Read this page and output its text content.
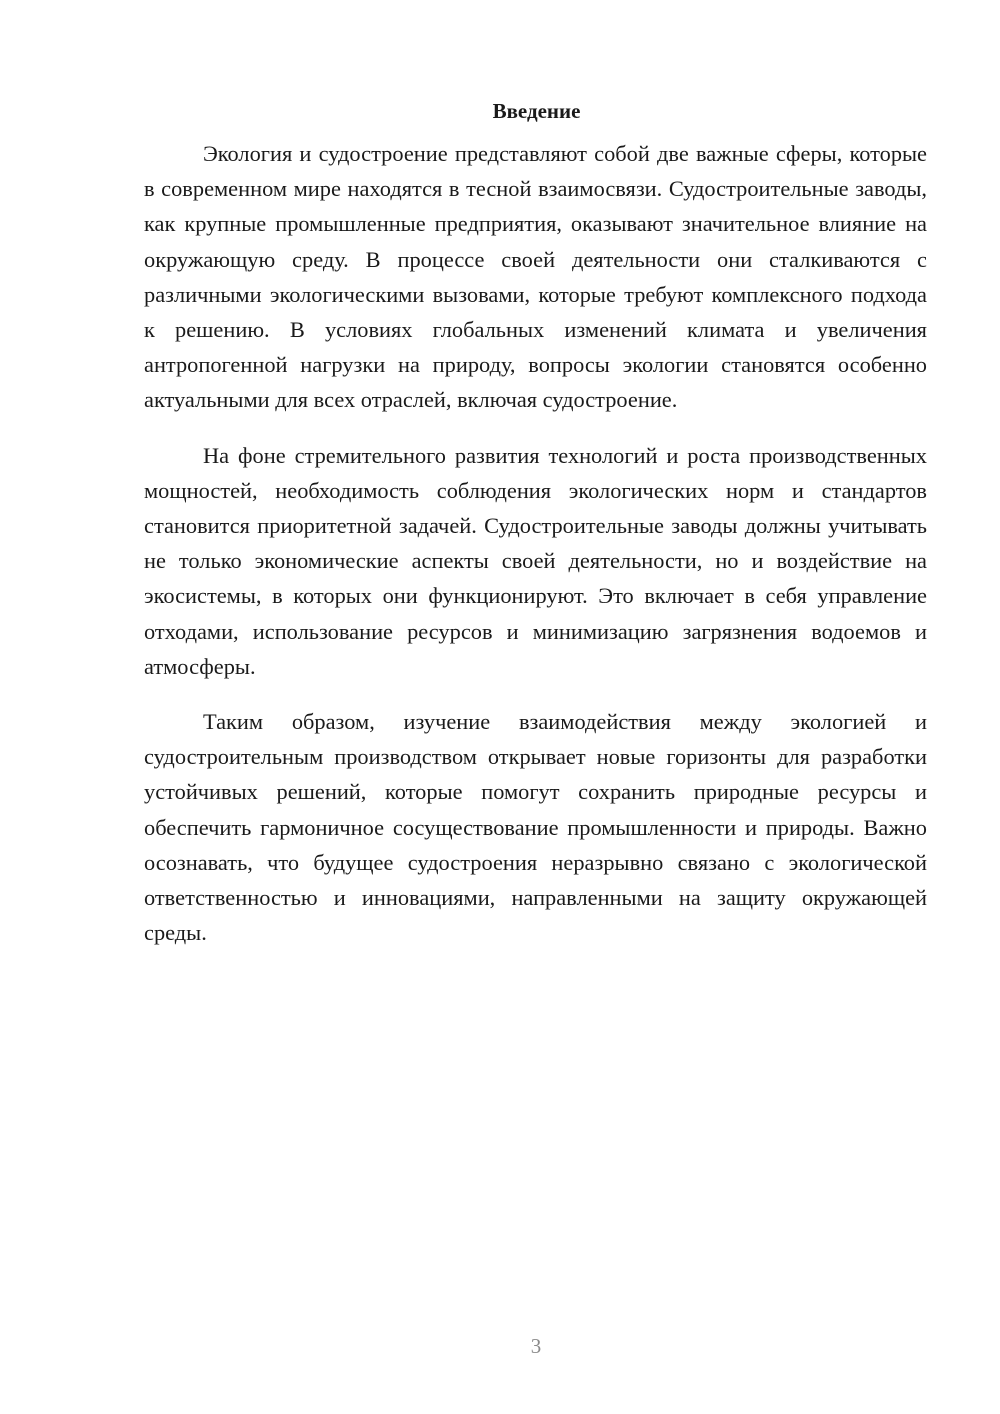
Введение

Экология и судостроение представляют собой две важные сферы, которые в современном мире находятся в тесной взаимосвязи. Судостроительные заводы, как крупные промышленные предприятия, оказывают значительное влияние на окружающую среду. В процессе своей деятельности они сталкиваются с различными экологическими вызовами, которые требуют комплексного подхода к решению. В условиях глобальных изменений климата и увеличения антропогенной нагрузки на природу, вопросы экологии становятся особенно актуальными для всех отраслей, включая судостроение.

На фоне стремительного развития технологий и роста производственных мощностей, необходимость соблюдения экологических норм и стандартов становится приоритетной задачей. Судостроительные заводы должны учитывать не только экономические аспекты своей деятельности, но и воздействие на экосистемы, в которых они функционируют. Это включает в себя управление отходами, использование ресурсов и минимизацию загрязнения водоемов и атмосферы.

Таким образом, изучение взаимодействия между экологией и судостроительным производством открывает новые горизонты для разработки устойчивых решений, которые помогут сохранить природные ресурсы и обеспечить гармоничное сосуществование промышленности и природы. Важно осознавать, что будущее судостроения неразрывно связано с экологической ответственностью и инновациями, направленными на защиту окружающей среды.

3
